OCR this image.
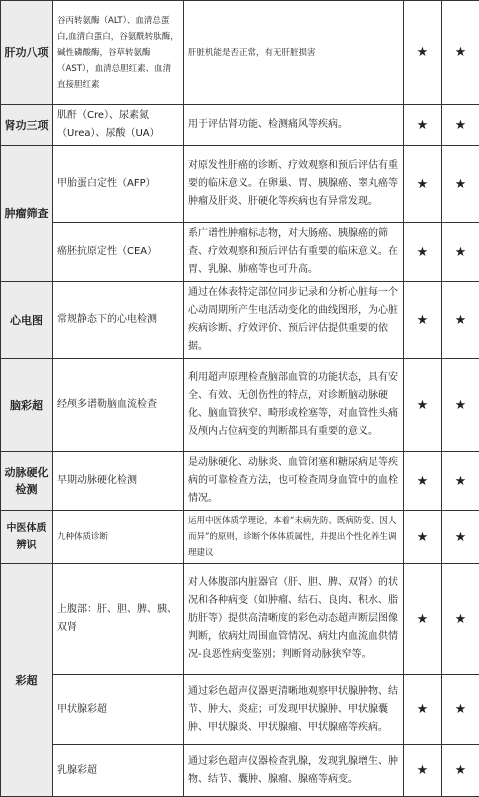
肝功八项	谷丙转氨酶（ALT）、血清总蛋白,血清白蛋白，谷氨酰转肽酶，碱性磷酸酶，谷草转氨酶（AST），血清总胆红素、血清直接胆红素	肝脏机能是否正常，有无肝脏损害	★	★
肾功三项	肌酐（Cre）、尿素氮（Urea）、尿酸（UA）	用于评估肾功能、检测痛风等疾病。	★	★
肿瘤筛查	甲胎蛋白定性（AFP）	对原发性肝癌的诊断、疗效观察和预后评估有重要的临床意义。在卵巢、胃、胰腺癌、睾丸癌等肿瘤及肝炎、肝硬化等疾病也有异常发现。	★	★
	癌胚抗原定性（CEA）	系广谱性肿瘤标志物，对大肠癌、胰腺癌的筛查、疗效观察和预后评估有重要的临床意义。在胃、乳腺、肺癌等也可升高。	★	★
心电图	常规静态下的心电检测	通过在体表特定部位同步记录和分析心脏每一个心动周期所产生电活动变化的曲线图形，为心脏疾病诊断、疗效评价、预后评估提供重要的依据。	★	★
脑彩超	经颅多谱勒脑血流检查	利用超声原理检查脑部血管的功能状态，具有安全、有效、无创伤性的特点，对诊断脑动脉硬化、脑血管狭窄、畸形或栓塞等，对血管性头痛及颅内占位病变的判断都具有重要的意义。	★	★
动脉硬化检测	早期动脉硬化检测	是动脉硬化、动脉炎、血管闭塞和糖尿病足等疾病的可靠检查方法，也可检查周身血管中的血栓情况。	★	★
中医体质辨识	九种体质诊断	运用中医体质学理论，本着“未病先防、既病防变、因人而异”的原则，诊断个体体质属性，并提出个性化养生调理建议	★	★
彩超	上腹部：肝、胆、脾、胰、双肾	对人体腹部内脏器官（肝、胆、脾、双肾）的状况和各种病变（如肿瘤、结石、良肉、积水、脂肪肝等）提供高清晰度的彩色动态超声断层图像判断，依病灶周围血管情况、病灶内血流血供情况-良恶性病变鉴别；判断肾动脉狭窄等。	★	★
	甲状腺彩超	通过彩色超声仪器更清晰地观察甲状腺肿物、结节、肿大、炎症；可发现甲状腺肿、甲状腺囊肿、甲状腺炎、甲状腺瘤、甲状腺癌等疾病。	★	★
	乳腺彩超	通过彩色超声仪器检查乳腺，发现乳腺增生、肿物、结节、囊肿、腺瘤、腺癌等病变。	★	★
